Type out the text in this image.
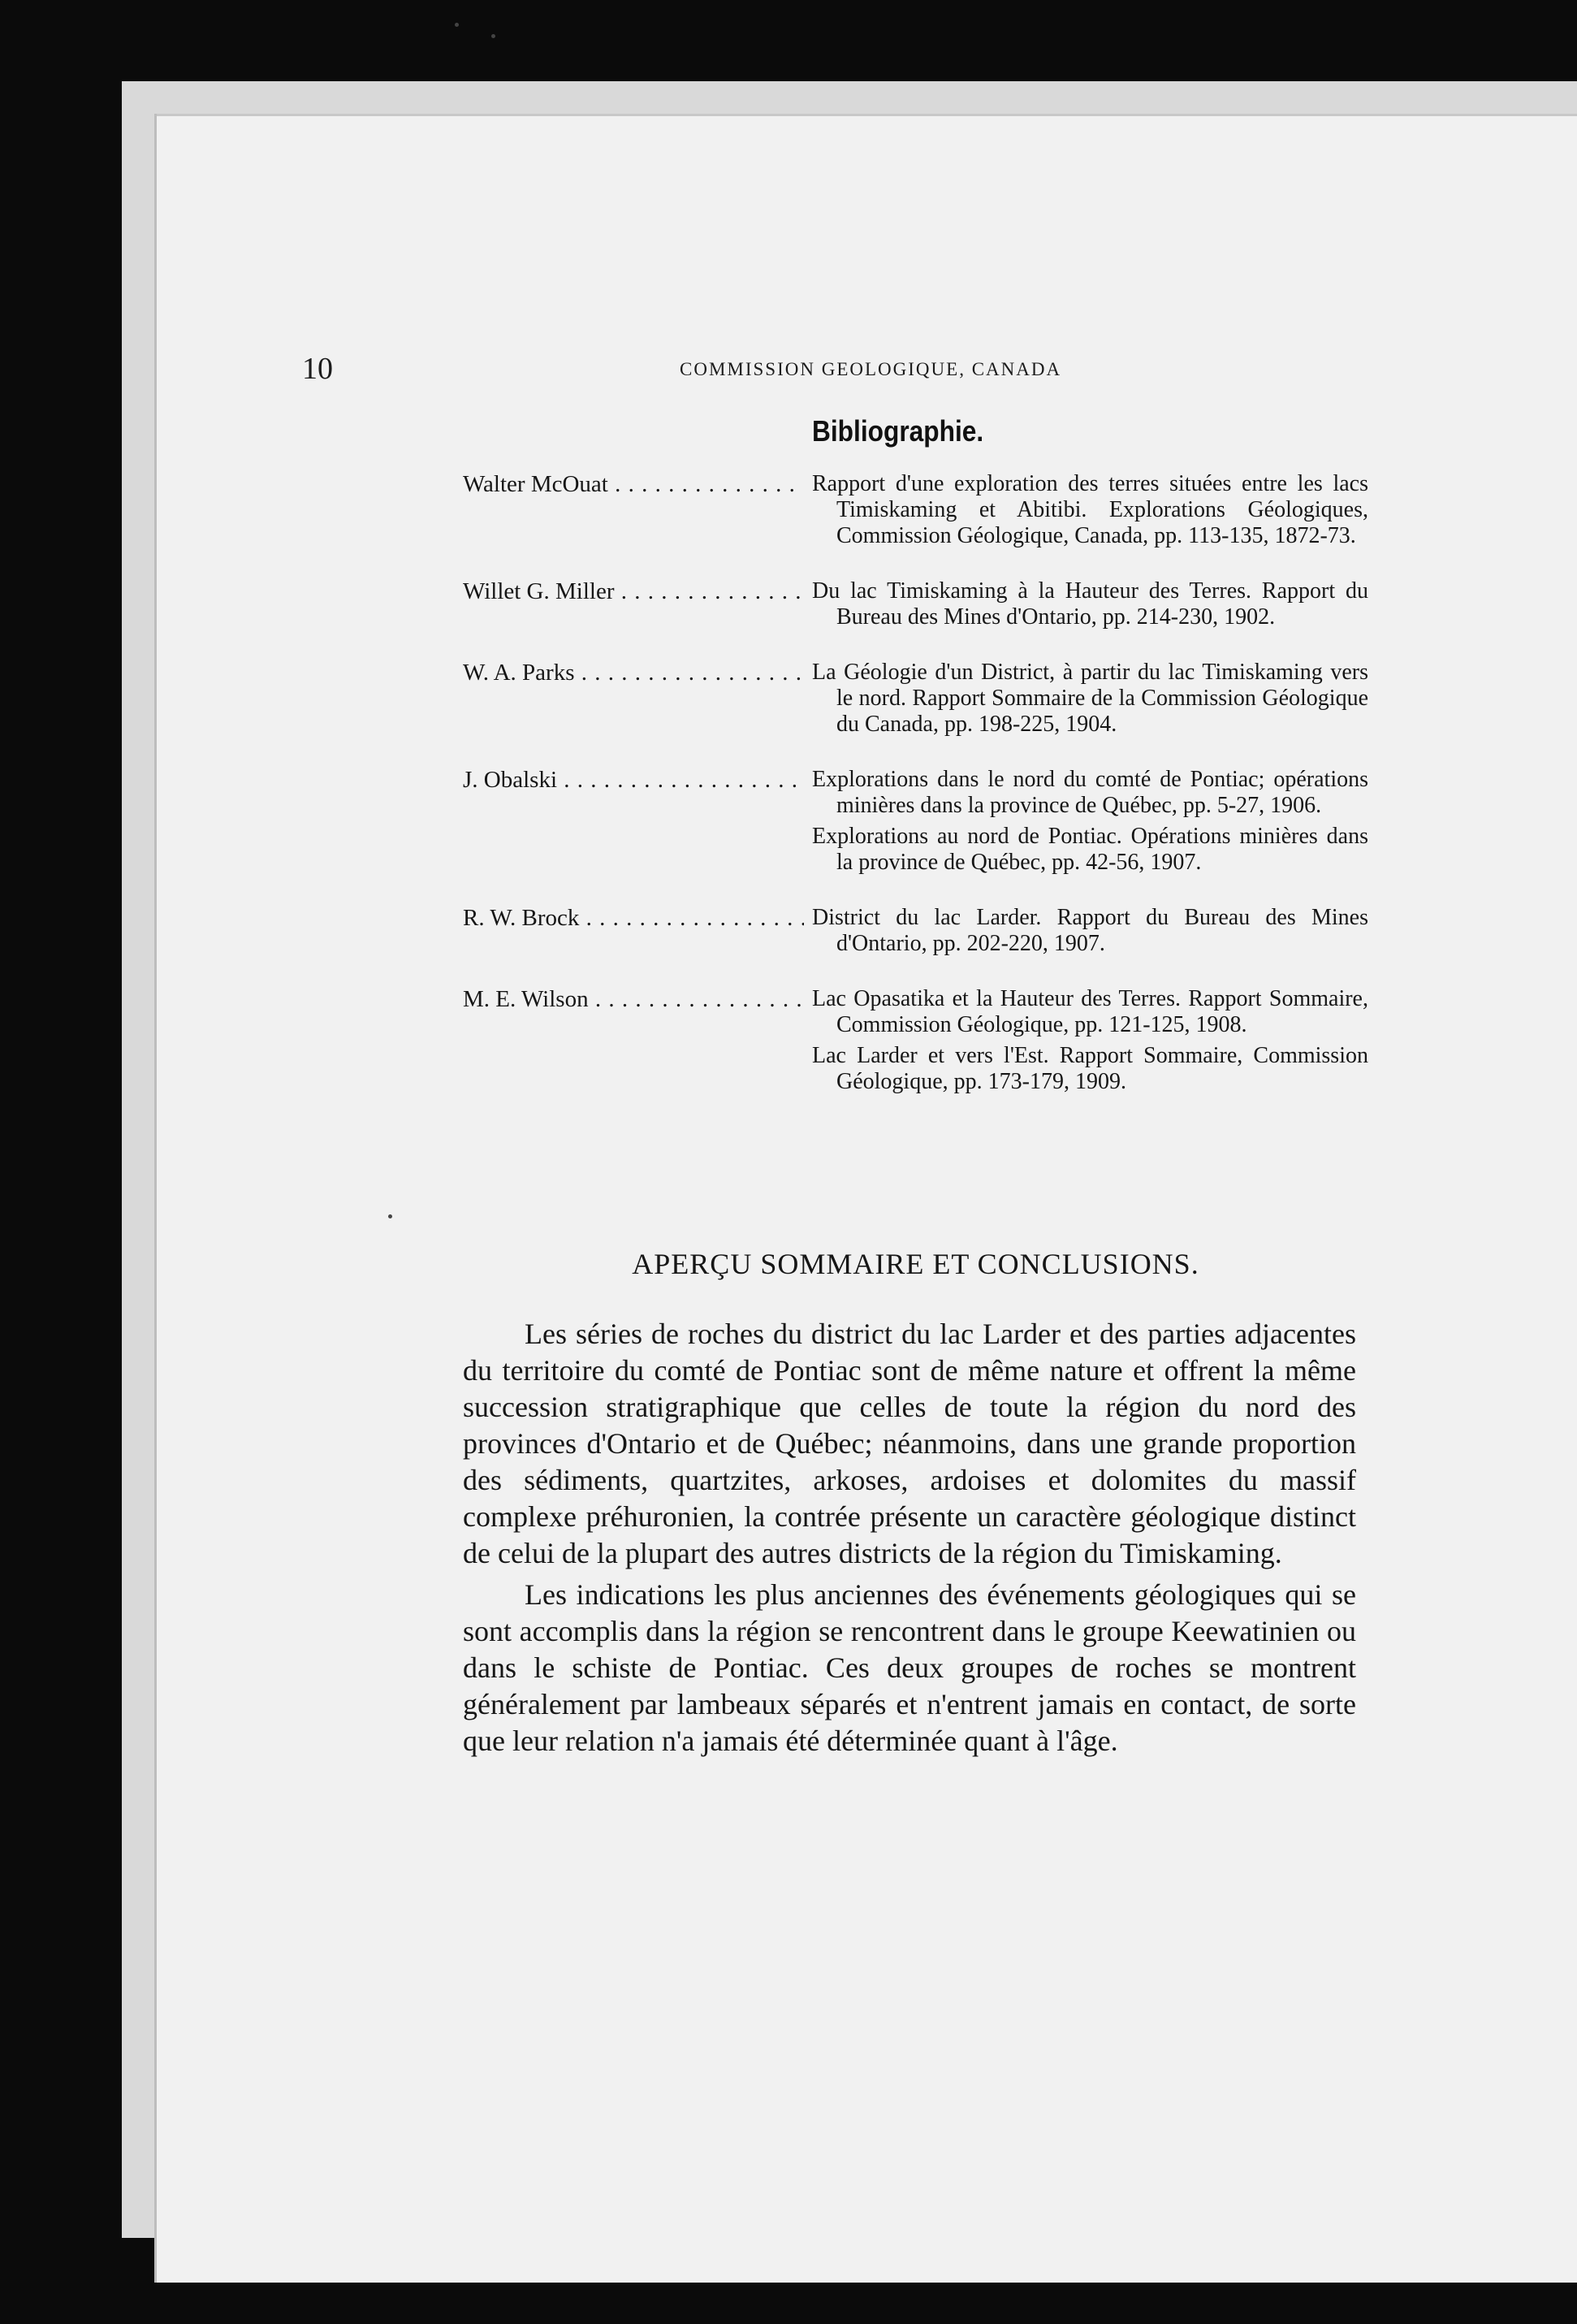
10	COMMISSION GEOLOGIQUE, CANADA
Bibliographie.
Walter McOuat . . .	Rapport d'une exploration des terres situées entre les lacs Timiskaming et Abitibi. Explorations Géologiques, Commission Géologique, Canada, pp. 113-135, 1872-73.

Willet G. Miller . . .	Du lac Timiskaming à la Hauteur des Terres. Rapport du Bureau des Mines d'Ontario, pp. 214-230, 1902.

W. A. Parks . . .	La Géologie d'un District, à partir du lac Timiskaming vers le nord. Rapport Sommaire de la Commission Géologique du Canada, pp. 198-225, 1904.

J. Obalski . . .	Explorations dans le nord du comté de Pontiac; opérations minières dans la province de Québec, pp. 5-27, 1906.

Explorations au nord de Pontiac. Opérations minières dans la province de Québec, pp. 42-56, 1907.

R. W. Brock . . .	District du lac Larder. Rapport du Bureau des Mines d'Ontario, pp. 202-220, 1907.

M. E. Wilson . . .	Lac Opasatika et la Hauteur des Terres. Rapport Sommaire, Commission Géologique, pp. 121-125, 1908.

Lac Larder et vers l'Est. Rapport Sommaire, Commission Géologique, pp. 173-179, 1909.

APERÇU SOMMAIRE ET CONCLUSIONS.

Les séries de roches du district du lac Larder et des parties adjacentes du territoire du comté de Pontiac sont de même nature et offrent la même succession stratigraphique que celles de toute la région du nord des provinces d'Ontario et de Québec; néanmoins, dans une grande proportion des sédiments, quartzites, arkoses, ardoises et dolomites du massif complexe préhuronien, la contrée présente un caractère géologique distinct de celui de la plupart des autres districts de la région du Timiskaming.

Les indications les plus anciennes des événements géologiques qui se sont accomplis dans la région se rencontrent dans le groupe Keewatinien ou dans le schiste de Pontiac. Ces deux groupes de roches se montrent généralement par lambeaux séparés et n'entrent jamais en contact, de sorte que leur relation n'a jamais été déterminée quant à l'âge.
